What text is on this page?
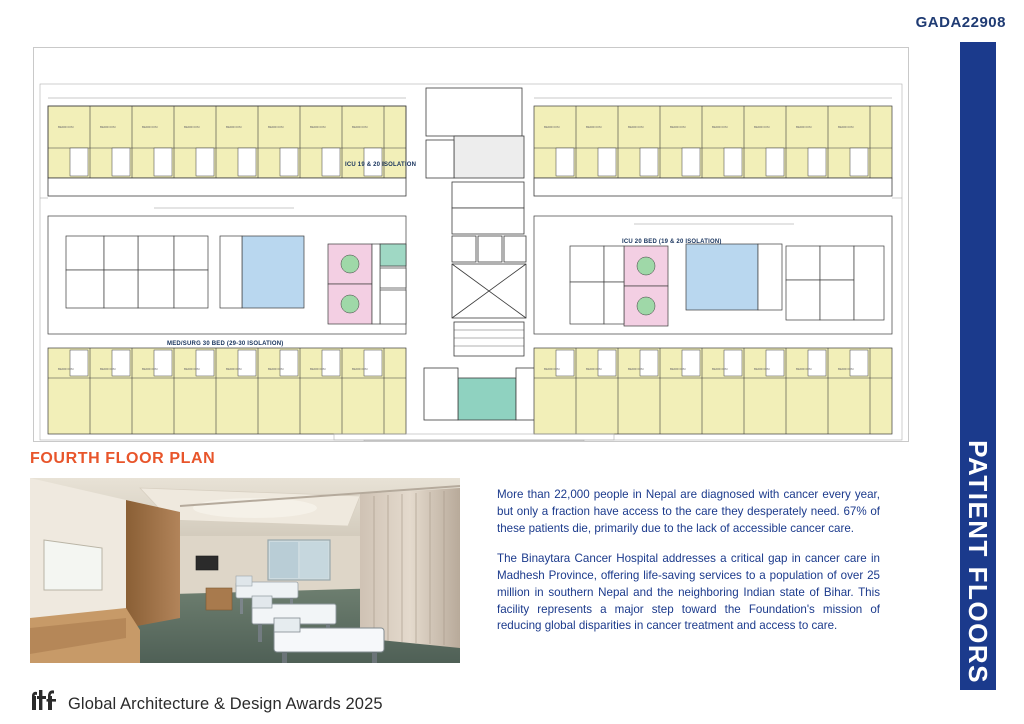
GADA22908
PATIENT FLOORS
BEDROOM	BEDROOM	BEDROOM	BEDROOM	BEDROOM	BEDROOM	BEDROOM	BEDROOM	BEDROOM	BEDROOM	BEDROOM	BEDROOM	BEDROOM	BEDROOM	BEDROOM	BEDROOM
BEDROOM	BEDROOM	BEDROOM	BEDROOM	BEDROOM	BEDROOM	BEDROOM	BEDROOM	BEDROOM	BEDROOM	BEDROOM	BEDROOM	BEDROOM	BEDROOM	BEDROOM	BEDROOM
ICU 19 & 20 ISOLATION
ICU 20 BED (19 & 20 ISOLATION)
MED/SURG 30 BED (29-30 ISOLATION)
FOURTH FLOOR PLAN

More than 22,000 people in Nepal are diagnosed with cancer every year, but only a fraction have access to the care they desperately need. 67% of these patients die, primarily due to the lack of accessible cancer care.

The Binaytara Cancer Hospital addresses a critical gap in cancer care in Madhesh Province, offering life-saving services to a population of over 25 million in southern Nepal and the neighboring Indian state of Bihar. This facility represents a major step toward the Foundation's mission of reducing global disparities in cancer treatment and access to care.

Global Architecture & Design Awards 2025
